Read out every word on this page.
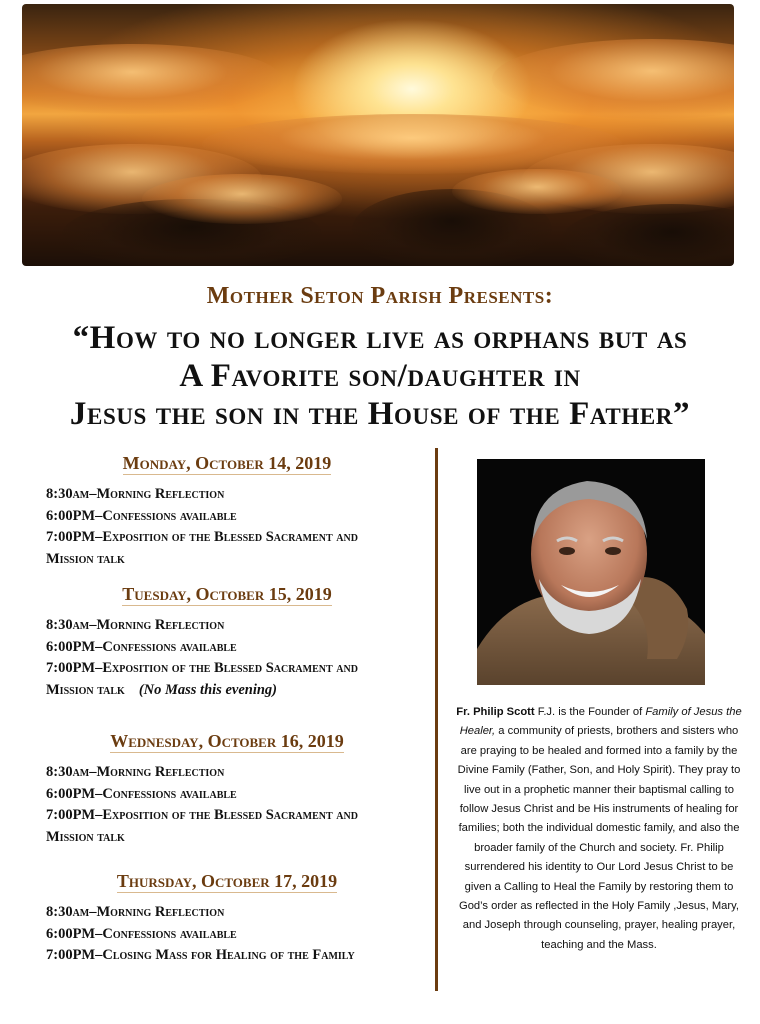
Mother Seton Parish Presents:
“How to no longer live as orphans but as
A Favorite son/daughter in
Jesus the son in the House of the Father”
Monday, October 14, 2019
8:30am–Morning Reflection
6:00PM–Confessions available
7:00PM–Exposition of the Blessed Sacrament and
Mission talk
Tuesday, October 15, 2019
8:30am–Morning Reflection
6:00PM–Confessions available
7:00PM–Exposition of the Blessed Sacrament and
Mission talk (No Mass this evening)
Wednesday, October 16, 2019
8:30am–Morning Reflection
6:00PM–Confessions available
7:00PM–Exposition of the Blessed Sacrament and
Mission talk
Thursday, October 17, 2019
8:30am–Morning Reflection
6:00PM–Confessions available
7:00PM–Closing Mass for Healing of the Family
Fr. Philip Scott F.J. is the Founder of Family of Jesus the Healer, a community of priests, brothers and sisters who are praying to be healed and formed into a family by the Divine Family (Father, Son, and Holy Spirit). They pray to live out in a prophetic manner their baptismal calling to follow Jesus Christ and be His instruments of healing for families; both the individual domestic family, and also the broader family of the Church and society. Fr. Philip surrendered his identity to Our Lord Jesus Christ to be given a Calling to Heal the Family by restoring them to God’s order as reflected in the Holy Family ,Jesus, Mary, and Joseph through counseling, prayer, healing prayer, teaching and the Mass.
